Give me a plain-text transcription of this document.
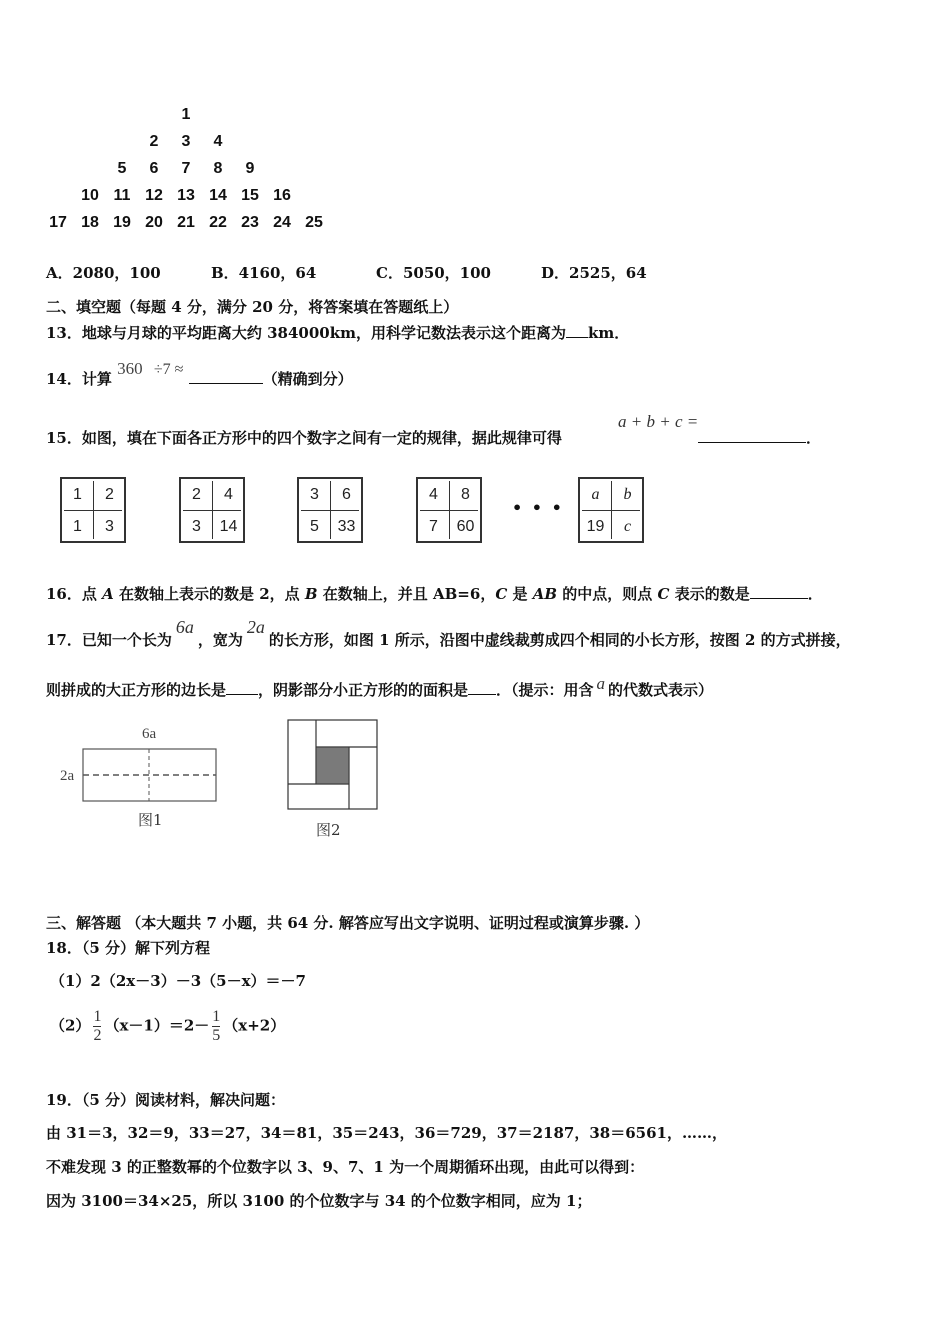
1
2	3	4
5	6	7	8	9
10 11 12 13 14 15 16
17 18 19 20 21 22 23 24 25
A．2080，100	B．4160，64	C．5050，100	D．2525，64
二、填空题（每题 4 分，满分 20 分，将答案填在答题纸上）
13．地球与月球的平均距离大约 384000km，用科学记数法表示这个距离为 km．
14．计算 360 ÷7 ≈ （精确到分）
15．如图，填在下面各正方形中的四个数字之间有一定的规律，据此规律可得
a + b + c =
．
1	2
1	3
2	4
3	14
3	6
5	33
4	8
7	60
• • •
a	b
19	c
16．点 A 在数轴上表示的数是 2，点 B 在数轴上，并且 AB=6，C 是 AB 的中点，则点 C 表示的数是	．
17．已知一个长为6a，宽为2a的长方形，如图 1 所示，沿图中虚线裁剪成四个相同的小长方形，按图 2 的方式拼接，
则拼成的大正方形的边长是 ，阴影部分小正方形的的面积是 ．（提示：用含 a 的代数式表示）
6a
2a
图1
图2
三、解答题 （本大题共 7 小题，共 64 分. 解答应写出文字说明、证明过程或演算步骤. ）
18．（5 分）解下列方程
（1）2（2x－3）－3（5－x）＝－7
$(2) \frac{1}{2} (x-1)=2- \frac{1}{5} (x+2)$
19．（5 分）阅读材料，解决问题：
由 31＝3，32＝9，33＝27，34＝81，35＝243，36＝729，37＝2187，38＝6561，……，
不难发现 3 的正整数幂的个位数字以 3、9、7、1 为一个周期循环出现，由此可以得到：
因为 3100＝34×25，所以 3100 的个位数字与 34 的个位数字相同，应为 1；
